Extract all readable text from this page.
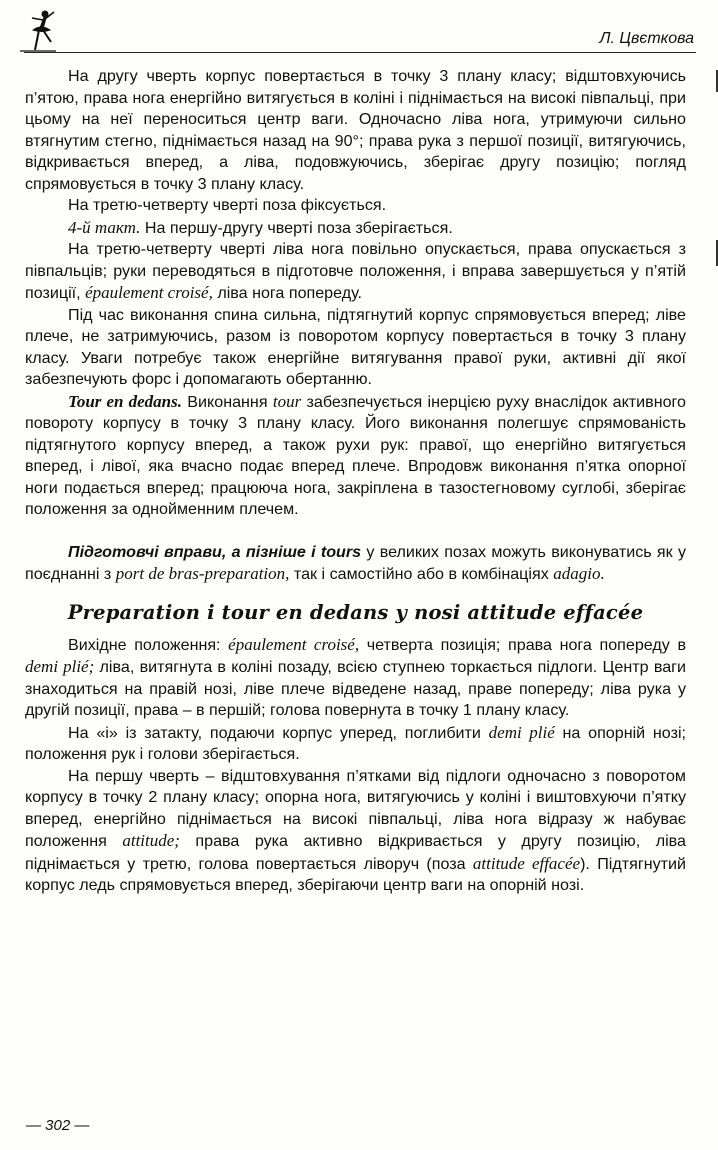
Л. Цвєткова

На другу чверть корпус повертається в точку 3 плану класу; відштовхуючись п’ятою, права нога енергійно витягується в коліні і піднімається на високі півпальці, при цьому на неї переноситься центр ваги. Одночасно ліва нога, утримуючи сильно втягнутим стегно, піднімається назад на 90°; права рука з першої позиції, витягуючись, відкривається вперед, а ліва, подовжуючись, зберігає другу позицію; погляд спрямовується в точку 3 плану класу.

На третю-четверту чверті поза фіксується.

4-й такт. На першу-другу чверті поза зберігається.

На третю-четверту чверті ліва нога повільно опускається, права опускається з півпальців; руки переводяться в підготовче положення, і вправа завершується у п’ятій позиції, épaulement croisé, ліва нога попереду.

Під час виконання спина сильна, підтягнутий корпус спрямовується вперед; ліве плече, не затримуючись, разом із поворотом корпусу повертається в точку 3 плану класу. Уваги потребує також енергійне витягування правої руки, активні дії якої забезпечують форс і допомагають обертанню.

Tour en dedans. Виконання tour забезпечується інерцією руху внаслідок активного повороту корпусу в точку 3 плану класу. Його виконання полегшує спрямованість підтягнутого корпусу вперед, а також рухи рук: правої, що енергійно витягується вперед, і лівої, яка вчасно подає вперед плече. Впродовж виконання п’ятка опорної ноги подається вперед; працююча нога, закріплена в тазостегновому суглобі, зберігає положення за однойменним плечем.

Підготовчі вправи, а пізніше і tours у великих позах можуть виконуватись як у поєднанні з port de bras-preparation, так і самостійно або в комбінаціях adagio.

Preparation i tour en dedans y nosi attitude effacée

Вихідне положення: épaulement croisé, четверта позиція; права нога попереду в demi plié; ліва, витягнута в коліні позаду, всією ступнею торкається підлоги. Центр ваги знаходиться на правій нозі, ліве плече відведене назад, праве попереду; ліва рука у другій позиції, права – в першій; голова повернута в точку 1 плану класу.

На «і» із затакту, подаючи корпус уперед, поглибити demi plié на опорній нозі; положення рук і голови зберігається.

На першу чверть – відштовхування п’ятками від підлоги одночасно з поворотом корпусу в точку 2 плану класу; опорна нога, витягуючись у коліні і виштовхуючи п’ятку вперед, енергійно піднімається на високі півпальці, ліва нога відразу ж набуває положення attitude; права рука активно відкривається у другу позицію, ліва піднімається у третю, голова повертається ліворуч (поза attitude effacée). Підтягнутий корпус ледь спрямовується вперед, зберігаючи центр ваги на опорній нозі.

— 302 —
